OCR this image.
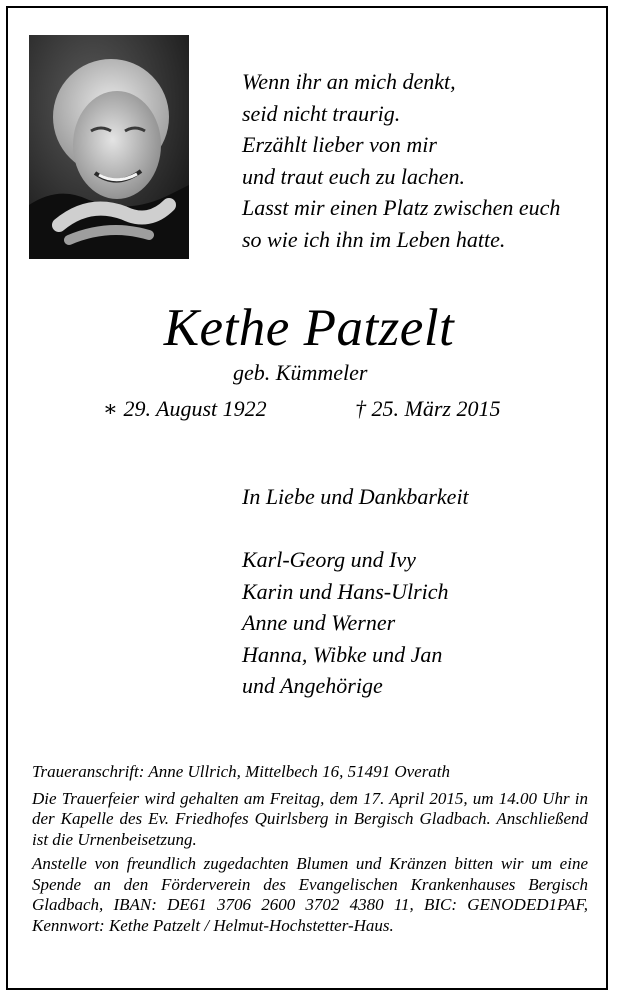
Wenn ihr an mich denkt,
seid nicht traurig.
Erzählt lieber von mir
und traut euch zu lachen.
Lasst mir einen Platz zwischen euch
so wie ich ihn im Leben hatte.
Kethe Patzelt
geb. Kümmeler
∗ 29. August 1922	† 25. März 2015
In Liebe und Dankbarkeit
Karl-Georg und Ivy
Karin und Hans-Ulrich
Anne und Werner
Hanna, Wibke und Jan
und Angehörige

Traueranschrift: Anne Ullrich, Mittelbech 16, 51491 Overath

Die Trauerfeier wird gehalten am Freitag, dem 17. April 2015, um 14.00 Uhr in der Kapelle des Ev. Friedhofes Quirlsberg in Bergisch Gladbach. Anschließend ist die Urnenbeisetzung.

Anstelle von freundlich zugedachten Blumen und Kränzen bitten wir um eine Spende an den Förderverein des Evangelischen Krankenhauses Bergisch Gladbach, IBAN: DE61 3706 2600 3702 4380 11, BIC: GENODED1PAF, Kennwort: Kethe Patzelt / Helmut-Hochstetter-Haus.
